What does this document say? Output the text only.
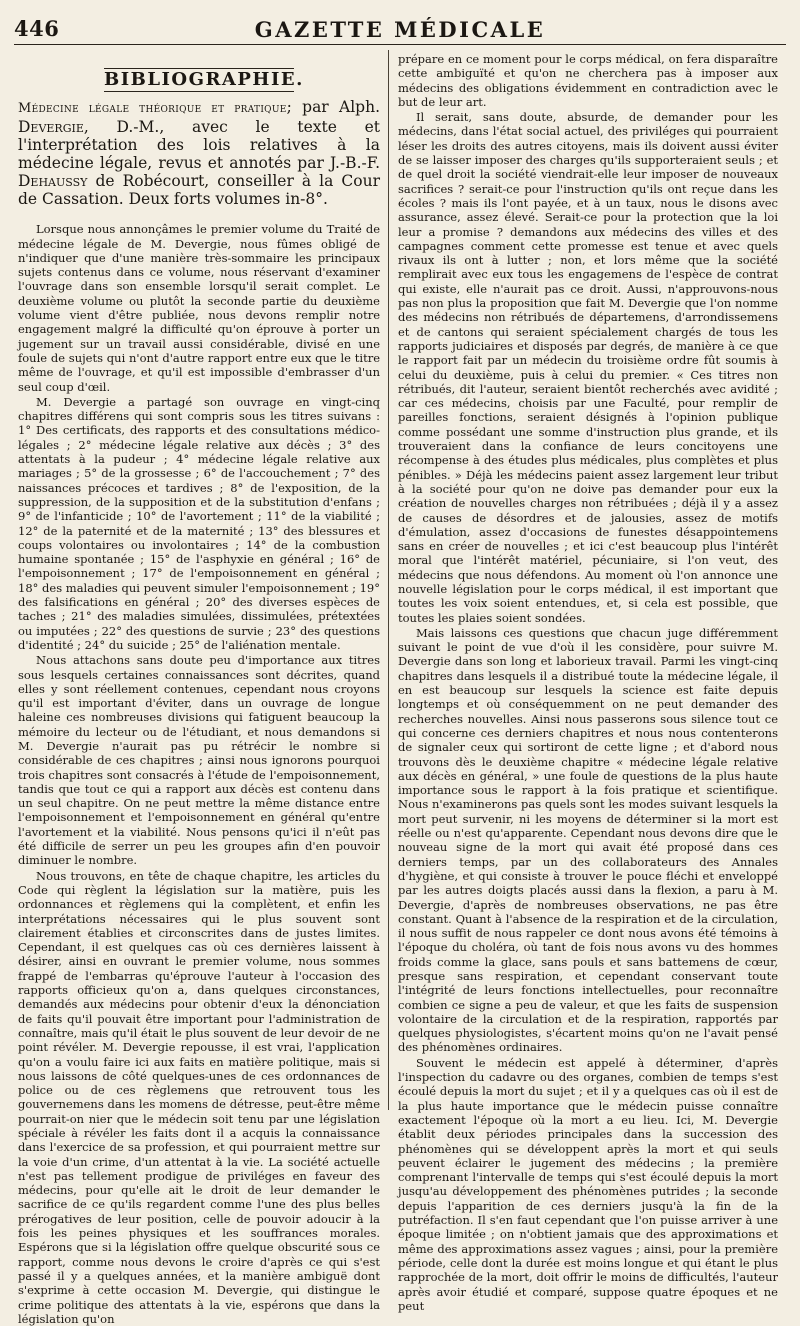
446	GAZETTE MÉDICALE
BIBLIOGRAPHIE.
Médecine légale théorique et pratique; par Alph. Devergie, D.-M., avec le texte et l'interprétation des lois relatives à la médecine légale, revus et annotés par J.-B.-F. Dehaussy de Robécourt, conseiller à la Cour de Cassation. Deux forts volumes in-8°.

Lorsque nous annonçâmes le premier volume du Traité de médecine légale de M. Devergie, nous fûmes obligé de n'indiquer que d'une manière très-sommaire les principaux sujets contenus dans ce volume, nous réservant d'examiner l'ouvrage dans son ensemble lorsqu'il serait complet. Le deuxième volume ou plutôt la seconde partie du deuxième volume vient d'être publiée, nous devons remplir notre engagement malgré la difficulté qu'on éprouve à porter un jugement sur un travail aussi considérable, divisé en une foule de sujets qui n'ont d'autre rapport entre eux que le titre même de l'ouvrage, et qu'il est impossible d'embrasser d'un seul coup d'œil.

M. Devergie a partagé son ouvrage en vingt-cinq chapitres différens qui sont compris sous les titres suivans : 1° Des certificats, des rapports et des consultations médico-légales ; 2° médecine légale relative aux décès ; 3° des attentats à la pudeur ; 4° médecine légale relative aux mariages ; 5° de la grossesse ; 6° de l'accouchement ; 7° des naissances précoces et tardives ; 8° de l'exposition, de la suppression, de la supposition et de la substitution d'enfans ; 9° de l'infanticide ; 10° de l'avortement ; 11° de la viabilité ; 12° de la paternité et de la maternité ; 13° des blessures et coups volontaires ou involontaires ; 14° de la combustion humaine spontanée ; 15° de l'asphyxie en général ; 16° de l'empoisonnement ; 17° de l'empoisonnement en général ; 18° des maladies qui peuvent simuler l'empoisonnement ; 19° des falsifications en général ; 20° des diverses espèces de taches ; 21° des maladies simulées, dissimulées, prétextées ou imputées ; 22° des questions de survie ; 23° des questions d'identité ; 24° du suicide ; 25° de l'aliénation mentale.

Nous attachons sans doute peu d'importance aux titres sous lesquels certaines connaissances sont décrites, quand elles y sont réellement contenues, cependant nous croyons qu'il est important d'éviter, dans un ouvrage de longue haleine ces nombreuses divisions qui fatiguent beaucoup la mémoire du lecteur ou de l'étudiant, et nous demandons si M. Devergie n'aurait pas pu rétrécir le nombre si considérable de ces chapitres ; ainsi nous ignorons pourquoi trois chapitres sont consacrés à l'étude de l'empoisonnement, tandis que tout ce qui a rapport aux décès est contenu dans un seul chapitre. On ne peut mettre la même distance entre l'empoisonnement et l'empoisonnement en général qu'entre l'avortement et la viabilité. Nous pensons qu'ici il n'eût pas été difficile de serrer un peu les groupes afin d'en pouvoir diminuer le nombre.

Nous trouvons, en tête de chaque chapitre, les articles du Code qui règlent la législation sur la matière, puis les ordonnances et règlemens qui la complètent, et enfin les interprétations nécessaires qui le plus souvent sont clairement établies et circonscrites dans de justes limites. Cependant, il est quelques cas où ces dernières laissent à désirer, ainsi en ouvrant le premier volume, nous sommes frappé de l'embarras qu'éprouve l'auteur à l'occasion des rapports officieux qu'on a, dans quelques circonstances, demandés aux médecins pour obtenir d'eux la dénonciation de faits qu'il pouvait être important pour l'administration de connaître, mais qu'il était le plus souvent de leur devoir de ne point révéler. M. Devergie repousse, il est vrai, l'application qu'on a voulu faire ici aux faits en matière politique, mais si nous laissons de côté quelques-unes de ces ordonnances de police ou de ces règlemens que retrouvent tous les gouvernemens dans les momens de détresse, peut-être même pourrait-on nier que le médecin soit tenu par une législation spéciale à révéler les faits dont il a acquis la connaissance dans l'exercice de sa profession, et qui pourraient mettre sur la voie d'un crime, d'un attentat à la vie. La société actuelle n'est pas tellement prodigue de priviléges en faveur des médecins, pour qu'elle ait le droit de leur demander le sacrifice de ce qu'ils regardent comme l'une des plus belles prérogatives de leur position, celle de pouvoir adoucir à la fois les peines physiques et les souffrances morales. Espérons que si la législation offre quelque obscurité sous ce rapport, comme nous devons le croire d'après ce qui s'est passé il y a quelques années, et la manière ambiguë dont s'exprime à cette occasion M. Devergie, qui distingue le crime politique des attentats à la vie, espérons que dans la législation qu'on

prépare en ce moment pour le corps médical, on fera disparaître cette ambiguïté et qu'on ne cherchera pas à imposer aux médecins des obligations évidemment en contradiction avec le but de leur art.

Il serait, sans doute, absurde, de demander pour les médecins, dans l'état social actuel, des priviléges qui pourraient léser les droits des autres citoyens, mais ils doivent aussi éviter de se laisser imposer des charges qu'ils supporteraient seuls ; et de quel droit la société viendrait-elle leur imposer de nouveaux sacrifices ? serait-ce pour l'instruction qu'ils ont reçue dans les écoles ? mais ils l'ont payée, et à un taux, nous le disons avec assurance, assez élevé. Serait-ce pour la protection que la loi leur a promise ? demandons aux médecins des villes et des campagnes comment cette promesse est tenue et avec quels rivaux ils ont à lutter ; non, et lors même que la société remplirait avec eux tous les engagemens de l'espèce de contrat qui existe, elle n'aurait pas ce droit. Aussi, n'approuvons-nous pas non plus la proposition que fait M. Devergie que l'on nomme des médecins non rétribués de départemens, d'arrondissemens et de cantons qui seraient spécialement chargés de tous les rapports judiciaires et disposés par degrés, de manière à ce que le rapport fait par un médecin du troisième ordre fût soumis à celui du deuxième, puis à celui du premier. « Ces titres non rétribués, dit l'auteur, seraient bientôt recherchés avec avidité ; car ces médecins, choisis par une Faculté, pour remplir de pareilles fonctions, seraient désignés à l'opinion publique comme possédant une somme d'instruction plus grande, et ils trouveraient dans la confiance de leurs concitoyens une récompense à des études plus médicales, plus complètes et plus pénibles. » Déjà les médecins paient assez largement leur tribut à la société pour qu'on ne doive pas demander pour eux la création de nouvelles charges non rétribuées ; déjà il y a assez de causes de désordres et de jalousies, assez de motifs d'émulation, assez d'occasions de funestes désappointemens sans en créer de nouvelles ; et ici c'est beaucoup plus l'intérêt moral que l'intérêt matériel, pécuniaire, si l'on veut, des médecins que nous défendons. Au moment où l'on annonce une nouvelle législation pour le corps médical, il est important que toutes les voix soient entendues, et, si cela est possible, que toutes les plaies soient sondées.

Mais laissons ces questions que chacun juge différemment suivant le point de vue d'où il les considère, pour suivre M. Devergie dans son long et laborieux travail. Parmi les vingt-cinq chapitres dans lesquels il a distribué toute la médecine légale, il en est beaucoup sur lesquels la science est faite depuis longtemps et où conséquemment on ne peut demander des recherches nouvelles. Ainsi nous passerons sous silence tout ce qui concerne ces derniers chapitres et nous nous contenterons de signaler ceux qui sortiront de cette ligne ; et d'abord nous trouvons dès le deuxième chapitre « médecine légale relative aux décès en général, » une foule de questions de la plus haute importance sous le rapport à la fois pratique et scientifique. Nous n'examinerons pas quels sont les modes suivant lesquels la mort peut survenir, ni les moyens de déterminer si la mort est réelle ou n'est qu'apparente. Cependant nous devons dire que le nouveau signe de la mort qui avait été proposé dans ces derniers temps, par un des collaborateurs des Annales d'hygiène, et qui consiste à trouver le pouce fléchi et enveloppé par les autres doigts placés aussi dans la flexion, a paru à M. Devergie, d'après de nombreuses observations, ne pas être constant. Quant à l'absence de la respiration et de la circulation, il nous suffit de nous rappeler ce dont nous avons été témoins à l'époque du choléra, où tant de fois nous avons vu des hommes froids comme la glace, sans pouls et sans battemens de cœur, presque sans respiration, et cependant conservant toute l'intégrité de leurs fonctions intellectuelles, pour reconnaître combien ce signe a peu de valeur, et que les faits de suspension volontaire de la circulation et de la respiration, rapportés par quelques physiologistes, s'écartent moins qu'on ne l'avait pensé des phénomènes ordinaires.

Souvent le médecin est appelé à déterminer, d'après l'inspection du cadavre ou des organes, combien de temps s'est écoulé depuis la mort du sujet ; et il y a quelques cas où il est de la plus haute importance que le médecin puisse connaître exactement l'époque où la mort a eu lieu. Ici, M. Devergie établit deux périodes principales dans la succession des phénomènes qui se développent après la mort et qui seuls peuvent éclairer le jugement des médecins ; la première comprenant l'intervalle de temps qui s'est écoulé depuis la mort jusqu'au développement des phénomènes putrides ; la seconde depuis l'apparition de ces derniers jusqu'à la fin de la putréfaction. Il s'en faut cependant que l'on puisse arriver à une époque limitée ; on n'obtient jamais que des approximations et même des approximations assez vagues ; ainsi, pour la première période, celle dont la durée est moins longue et qui étant le plus rapprochée de la mort, doit offrir le moins de difficultés, l'auteur après avoir étudié et comparé, suppose quatre époques et ne peut
